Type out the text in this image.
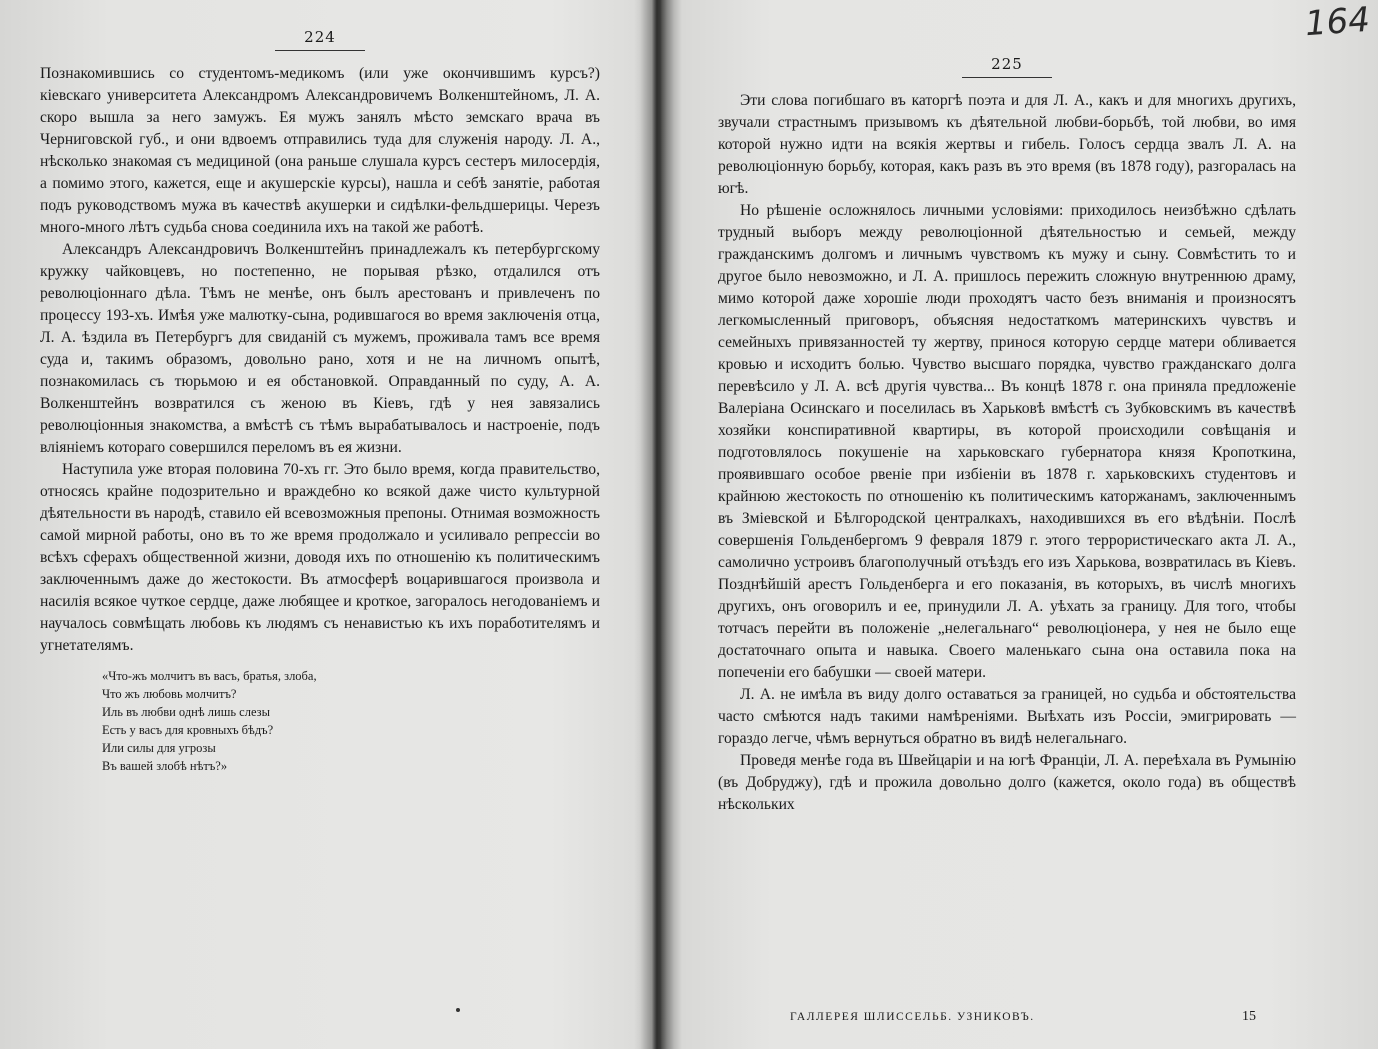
164
224

Познакомившись со студентомъ-медикомъ (или уже окончившимъ курсъ?) кіевскаго университета Александромъ Александровичемъ Волкенштейномъ, Л. А. скоро вышла за него замужъ. Ея мужъ занялъ мѣсто земскаго врача въ Черниговской губ., и они вдвоемъ отправились туда для служенія народу. Л. А., нѣсколько знакомая съ медициной (она раньше слушала курсъ сестеръ милосердія, а помимо этого, кажется, еще и акушерскіе курсы), нашла и себѣ занятіе, работая подъ руководствомъ мужа въ качествѣ акушерки и сидѣлки-фельдшерицы. Черезъ много-много лѣтъ судьба снова соединила ихъ на такой же работѣ.

Александръ Александровичъ Волкенштейнъ принадлежалъ къ петербургскому кружку чайковцевъ, но постепенно, не порывая рѣзко, отдалился отъ революціоннаго дѣла. Тѣмъ не менѣе, онъ былъ арестованъ и привлеченъ по процессу 193-хъ. Имѣя уже малютку-сына, родившагося во время заключенія отца, Л. А. ѣздила въ Петербургъ для свиданій съ мужемъ, проживала тамъ все время суда и, такимъ образомъ, довольно рано, хотя и не на личномъ опытѣ, познакомилась съ тюрьмою и ея обстановкой. Оправданный по суду, А. А. Волкенштейнъ возвратился съ женою въ Кіевъ, гдѣ у нея завязались революціонныя знакомства, а вмѣстѣ съ тѣмъ вырабатывалось и настроеніе, подъ вліяніемъ котораго совершился переломъ въ ея жизни.

Наступила уже вторая половина 70-хъ гг. Это было время, когда правительство, относясь крайне подозрительно и враждебно ко всякой даже чисто культурной дѣятельности въ народѣ, ставило ей всевозможныя препоны. Отнимая возможность самой мирной работы, оно въ то же время продолжало и усиливало репрессіи во всѣхъ сферахъ общественной жизни, доводя ихъ по отношенію къ политическимъ заключеннымъ даже до жестокости. Въ атмосферѣ воцарившагося произвола и насилія всякое чуткое сердце, даже любящее и кроткое, загоралось негодованіемъ и научалось совмѣщать любовь къ людямъ съ ненавистью къ ихъ поработителямъ и угнетателямъ.

«Что-жъ молчитъ въ васъ, братья, злоба,
Что жъ любовь молчитъ?
Иль въ любви однѣ лишь слезы
Есть у васъ для кровныхъ бѣдъ?
Или силы для угрозы
Въ вашей злобѣ нѣтъ?»
225

Эти слова погибшаго въ каторгѣ поэта и для Л. А., какъ и для многихъ другихъ, звучали страстнымъ призывомъ къ дѣятельной любви-борьбѣ, той любви, во имя которой нужно идти на всякія жертвы и гибель. Голосъ сердца звалъ Л. А. на революціонную борьбу, которая, какъ разъ въ это время (въ 1878 году), разгоралась на югѣ.

Но рѣшеніе осложнялось личными условіями: приходилось неизбѣжно сдѣлать трудный выборъ между революціонной дѣятельностью и семьей, между гражданскимъ долгомъ и личнымъ чувствомъ къ мужу и сыну. Совмѣстить то и другое было невозможно, и Л. А. пришлось пережить сложную внутреннюю драму, мимо которой даже хорошіе люди проходятъ часто безъ вниманія и произносятъ легкомысленный приговоръ, объясняя недостаткомъ материнскихъ чувствъ и семейныхъ привязанностей ту жертву, принося которую сердце матери обливается кровью и исходитъ болью. Чувство высшаго порядка, чувство гражданскаго долга перевѣсило у Л. А. всѣ другія чувства... Въ концѣ 1878 г. она приняла предложеніе Валеріана Осинскаго и поселилась въ Харьковѣ вмѣстѣ съ Зубковскимъ въ качествѣ хозяйки конспиративной квартиры, въ которой происходили совѣщанія и подготовлялось покушеніе на харьковскаго губернатора князя Кропоткина, проявившаго особое рвеніе при избіеніи въ 1878 г. харьковскихъ студентовъ и крайнюю жестокость по отношенію къ политическимъ каторжанамъ, заключеннымъ въ Зміевской и Бѣлгородской централкахъ, находившихся въ его вѣдѣніи. Послѣ совершенія Гольденбергомъ 9 февраля 1879 г. этого террористическаго акта Л. А., самолично устроивъ благополучный отъѣздъ его изъ Харькова, возвратилась въ Кіевъ. Позднѣйшій арестъ Гольденберга и его показанія, въ которыхъ, въ числѣ многихъ другихъ, онъ оговорилъ и ее, принудили Л. А. уѣхать за границу. Для того, чтобы тотчасъ перейти въ положеніе „нелегальнаго“ революціонера, у нея не было еще достаточнаго опыта и навыка. Своего маленькаго сына она оставила пока на попеченіи его бабушки — своей матери.

Л. А. не имѣла въ виду долго оставаться за границей, но судьба и обстоятельства часто смѣются надъ такими намѣреніями. Выѣхать изъ Россіи, эмигрировать — гораздо легче, чѣмъ вернуться обратно въ видѣ нелегальнаго.

Проведя менѣе года въ Швейцаріи и на югѣ Франціи, Л. А. переѣхала въ Румынію (въ Добруджу), гдѣ и прожила довольно долго (кажется, около года) въ обществѣ нѣскольких

ГАЛЛЕРЕЯ ШЛИССЕЛЬБ. УЗНИКОВЪ.	15
